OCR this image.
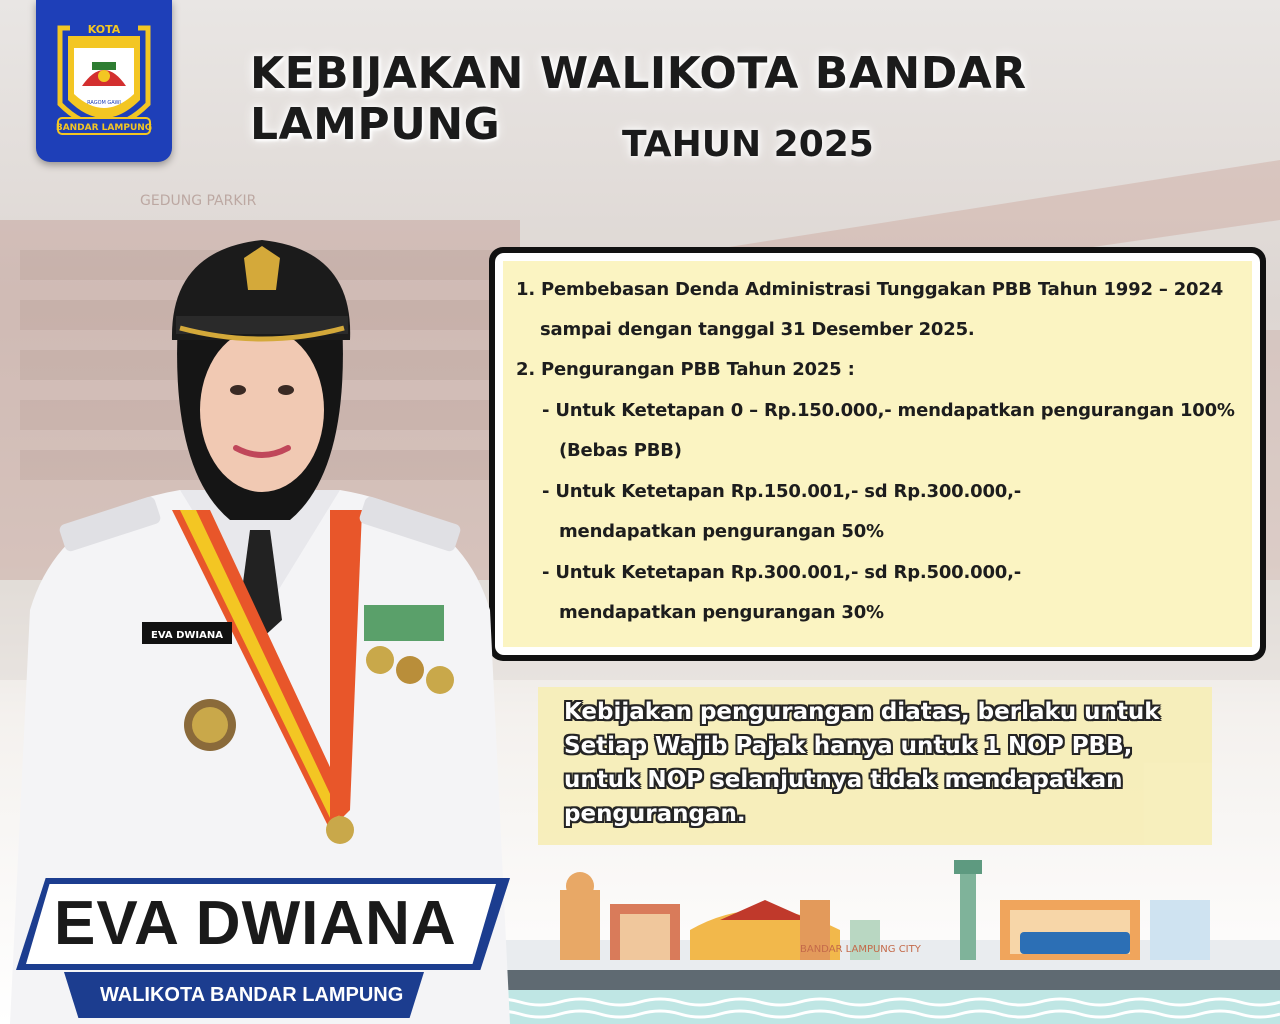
GEDUNG PARKIR
KOTA
RAGOM GAWI
BANDAR LAMPUNG
KEBIJAKAN WALIKOTA BANDAR LAMPUNG	TAHUN 2025
1. Pembebasan Denda Administrasi Tunggakan PBB Tahun 1992 – 2024
sampai dengan tanggal 31 Desember 2025.
2. Pengurangan PBB Tahun 2025 :
- Untuk Ketetapan 0 – Rp.150.000,- mendapatkan pengurangan 100%
(Bebas PBB)
- Untuk Ketetapan Rp.150.001,- sd Rp.300.000,-
mendapatkan pengurangan 50%
- Untuk Ketetapan Rp.300.001,- sd Rp.500.000,-
mendapatkan pengurangan 30%
Kebijakan pengurangan diatas, berlaku untuk
Setiap Wajib Pajak hanya untuk 1 NOP PBB,
untuk NOP selanjutnya tidak mendapatkan
pengurangan.
BANDAR LAMPUNG CITY
EVA DWIANA
EVA DWIANA
WALIKOTA BANDAR LAMPUNG
